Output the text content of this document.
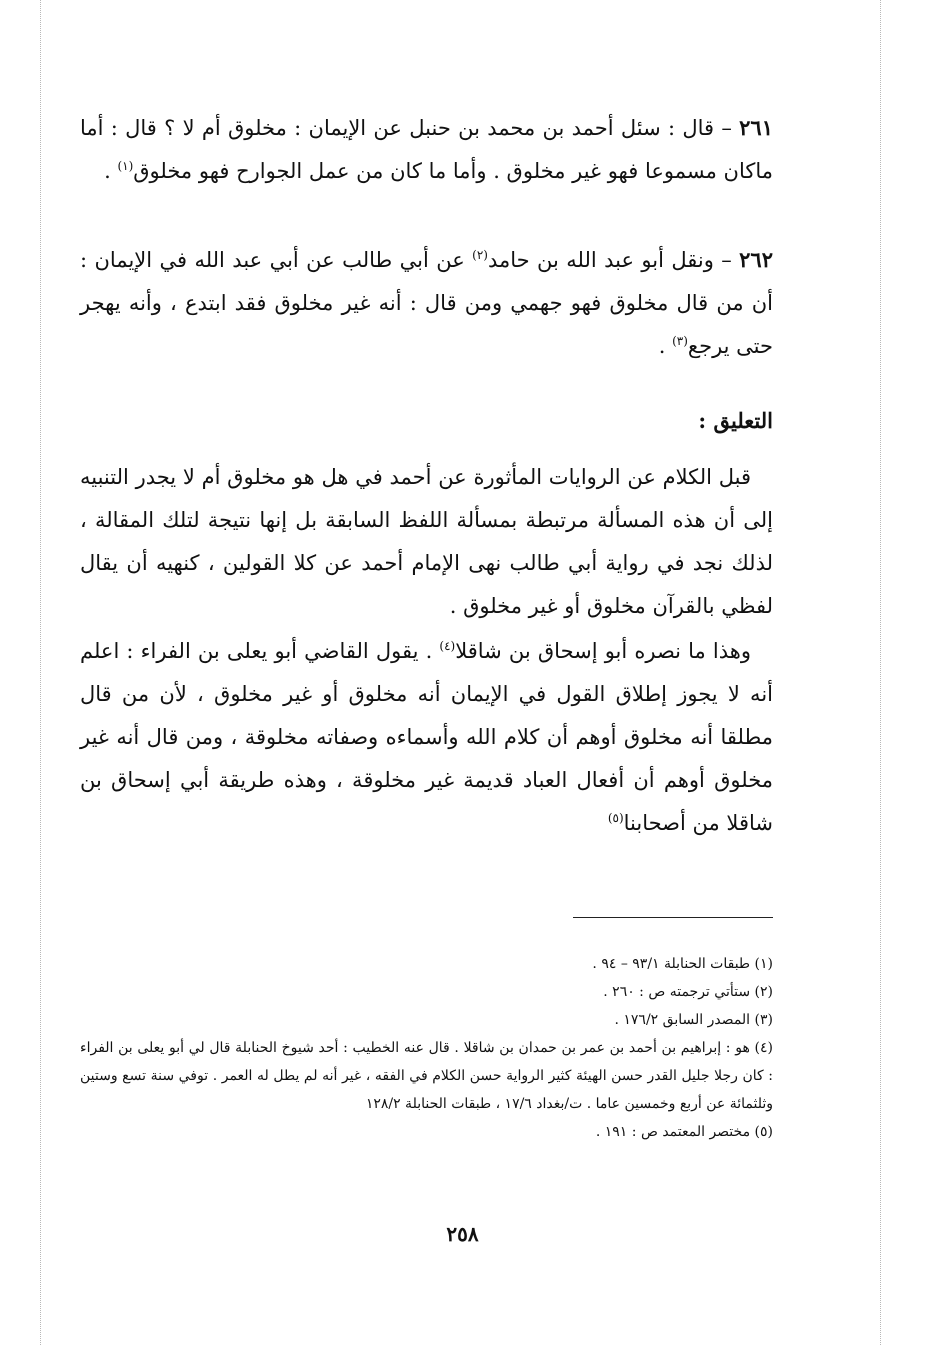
٢٦١ – قال : سئل أحمد بن محمد بن حنبل عن الإيمان : مخلوق أم لا ؟ قال : أما ماكان مسموعا فهو غير مخلوق . وأما ما كان من عمل الجوارح فهو مخلوق$^{(١)}$ .

٢٦٢ – ونقل أبو عبد الله بن حامد$^{(٢)}$ عن أبي طالب عن أبي عبد الله في الإيمان : أن من قال مخلوق فهو جهمي ومن قال : أنه غير مخلوق فقد ابتدع ، وأنه يهجر حتى يرجع$^{(٣)}$ .

التعليق :

قبل الكلام عن الروايات المأثورة عن أحمد في هل هو مخلوق أم لا يجدر التنبيه إلى أن هذه المسألة مرتبطة بمسألة اللفظ السابقة بل إنها نتيجة لتلك المقالة ، لذلك نجد في رواية أبي طالب نهى الإمام أحمد عن كلا القولين ، كنهيه أن يقال لفظي بالقرآن مخلوق أو غير مخلوق .

وهذا ما نصره أبو إسحاق بن شاقلا$^{(٤)}$ . يقول القاضي أبو يعلى بن الفراء : اعلم أنه لا يجوز إطلاق القول في الإيمان أنه مخلوق أو غير مخلوق ، لأن من قال مطلقا أنه مخلوق أوهم أن كلام الله وأسماءه وصفاته مخلوقة ، ومن قال أنه غير مخلوق أوهم أن أفعال العباد قديمة غير مخلوقة ، وهذه طريقة أبي إسحاق بن شاقلا من أصحابنا$^{(٥)}$

(١) طبقات الحنابلة ٩٣/١ – ٩٤ .

(٢) ستأتي ترجمته ص : ٢٦٠ .

(٣) المصدر السابق ١٧٦/٢ .

(٤) هو : إبراهيم بن أحمد بن عمر بن حمدان بن شاقلا . قال عنه الخطيب : أحد شيوخ الحنابلة قال لي أبو يعلى بن الفراء : كان رجلا جليل القدر حسن الهيئة كثير الرواية حسن الكلام في الفقه ، غير أنه لم يطل له العمر . توفي سنة تسع وستين وثلثمائة عن أربع وخمسين عاما . ت/بغداد ١٧/٦ ، طبقات الحنابلة ١٢٨/٢

(٥) مختصر المعتمد ص : ١٩١ .

٢٥٨
